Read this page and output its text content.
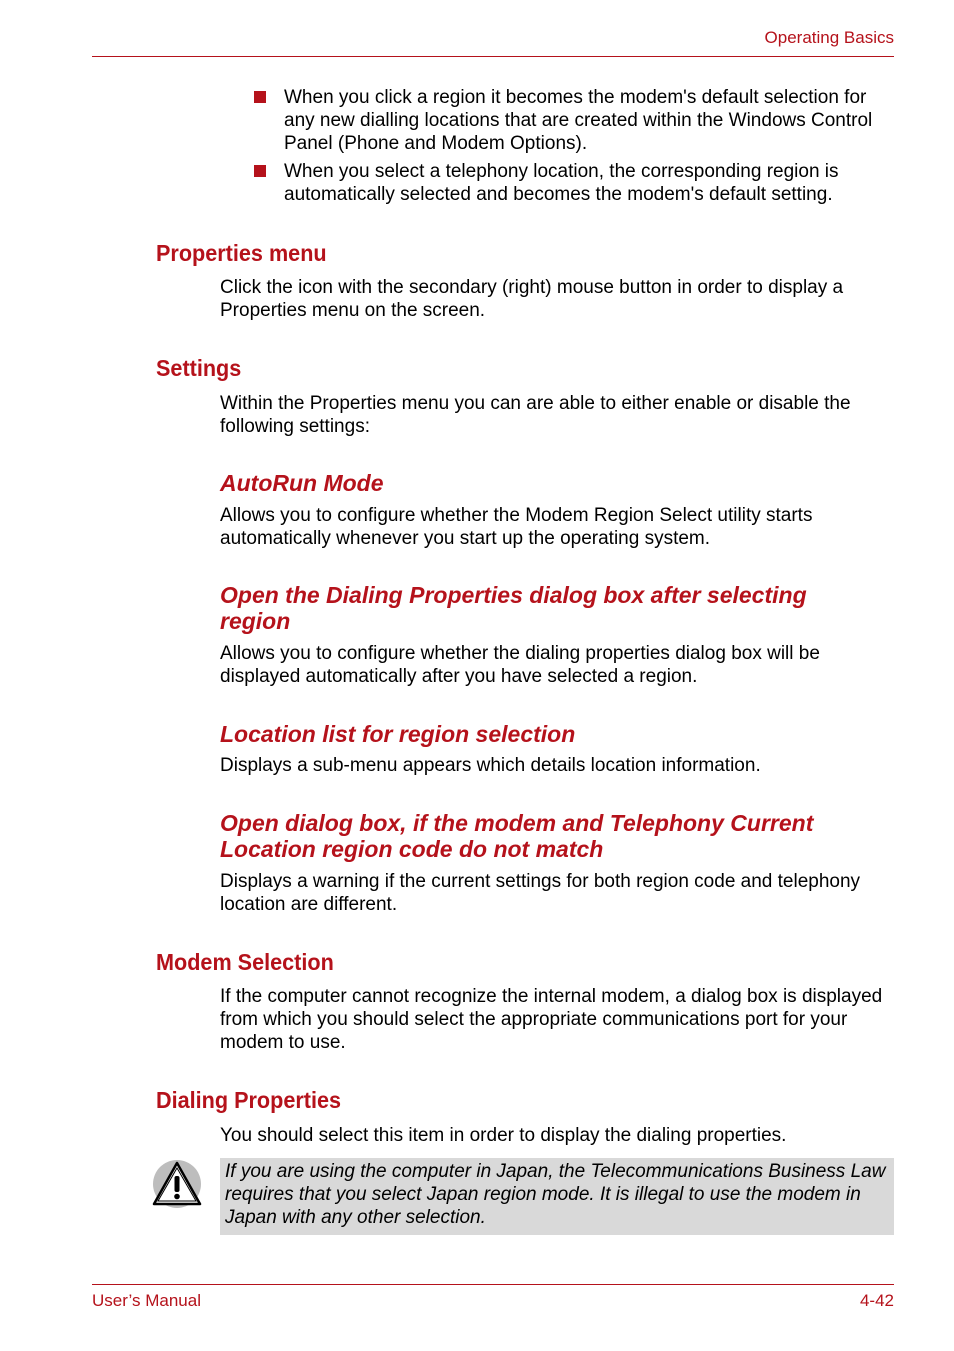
Operating Basics
When you click a region it becomes the modem's default selection for any new dialling locations that are created within the Windows Control Panel (Phone and Modem Options).
When you select a telephony location, the corresponding region is automatically selected and becomes the modem's default setting.
Properties menu
Click the icon with the secondary (right) mouse button in order to display a Properties menu on the screen.
Settings
Within the Properties menu you can are able to either enable or disable the following settings:
AutoRun Mode
Allows you to configure whether the Modem Region Select utility starts automatically whenever you start up the operating system.
Open the Dialing Properties dialog box after selecting
region
Allows you to configure whether the dialing properties dialog box will be displayed automatically after you have selected a region.
Location list for region selection
Displays a sub-menu appears which details location information.
Open dialog box, if the modem and Telephony Current
Location region code do not match
Displays a warning if the current settings for both region code and telephony location are different.
Modem Selection
If the computer cannot recognize the internal modem, a dialog box is displayed from which you should select the appropriate communications port for your modem to use.
Dialing Properties
You should select this item in order to display the dialing properties.
If you are using the computer in Japan, the Telecommunications Business Law requires that you select Japan region mode. It is illegal to use the modem in Japan with any other selection.
User’s Manual	4-42
